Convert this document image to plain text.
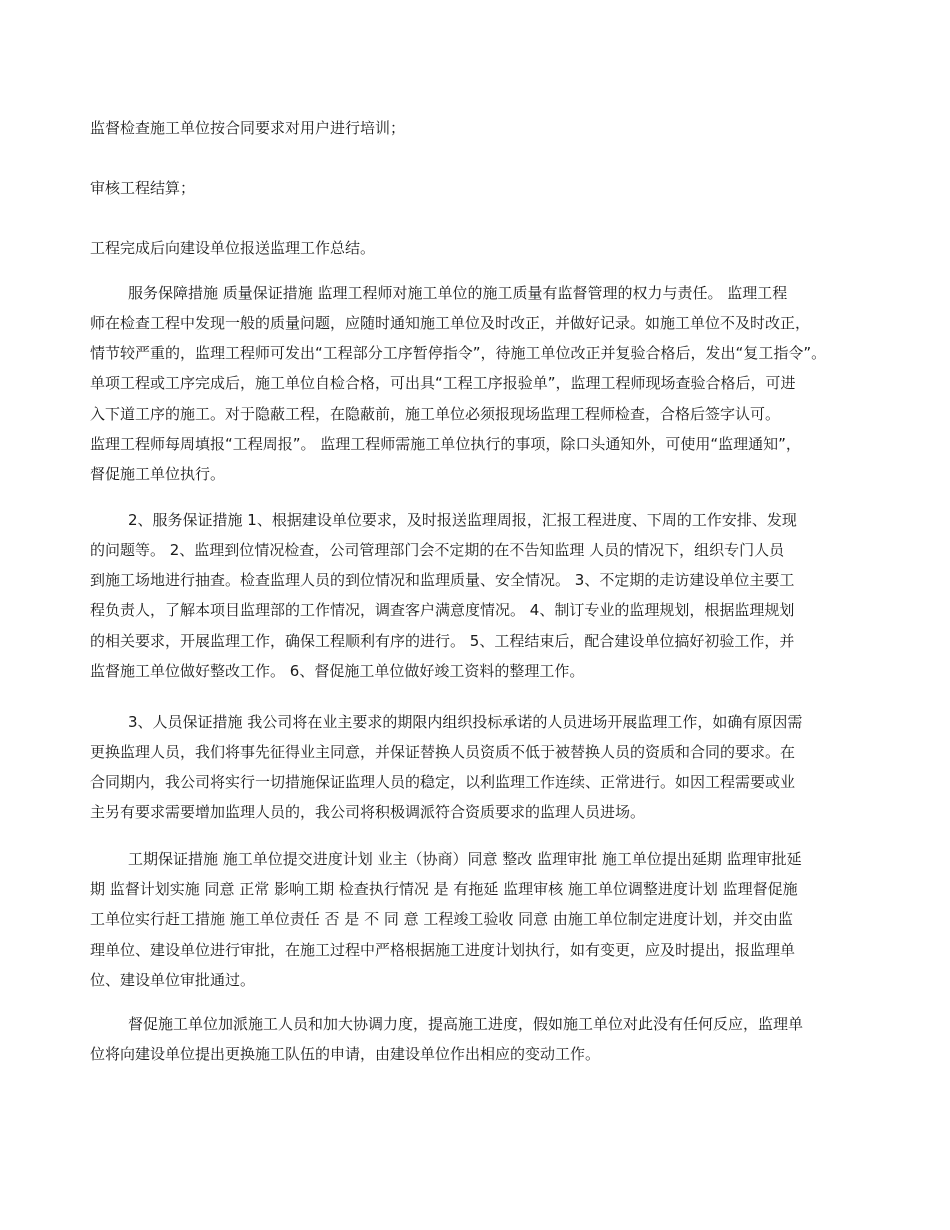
监督检查施工单位按合同要求对用户进行培训；

审核工程结算；

工程完成后向建设单位报送监理工作总结。

服务保障措施 质量保证措施 监理工程师对施工单位的施工质量有监督管理的权力与责任。 监理工程

师在检查工程中发现一般的质量问题，应随时通知施工单位及时改正，并做好记录。如施工单位不及时改正，

情节较严重的，监理工程师可发出“工程部分工序暂停指令”，待施工单位改正并复验合格后，发出“复工指令”。

单项工程或工序完成后，施工单位自检合格，可出具“工程工序报验单”，监理工程师现场查验合格后，可进

入下道工序的施工。对于隐蔽工程，在隐蔽前，施工单位必须报现场监理工程师检查，合格后签字认可。

监理工程师每周填报“工程周报”。 监理工程师需施工单位执行的事项，除口头通知外，可使用“监理通知”，

督促施工单位执行。

2、服务保证措施 1、根据建设单位要求，及时报送监理周报，汇报工程进度、下周的工作安排、发现

的问题等。 2、监理到位情况检查，公司管理部门会不定期的在不告知监理 人员的情况下，组织专门人员

到施工场地进行抽查。检查监理人员的到位情况和监理质量、安全情况。 3、不定期的走访建设单位主要工

程负责人，了解本项目监理部的工作情况，调查客户满意度情况。 4、制订专业的监理规划，根据监理规划

的相关要求，开展监理工作，确保工程顺利有序的进行。 5、工程结束后，配合建设单位搞好初验工作，并

监督施工单位做好整改工作。 6、督促施工单位做好竣工资料的整理工作。

3、人员保证措施 我公司将在业主要求的期限内组织投标承诺的人员进场开展监理工作，如确有原因需

更换监理人员，我们将事先征得业主同意，并保证替换人员资质不低于被替换人员的资质和合同的要求。在

合同期内，我公司将实行一切措施保证监理人员的稳定，以利监理工作连续、正常进行。如因工程需要或业

主另有要求需要增加监理人员的，我公司将积极调派符合资质要求的监理人员进场。

工期保证措施 施工单位提交进度计划 业主（协商）同意 整改 监理审批 施工单位提出延期 监理审批延

期 监督计划实施 同意 正常 影响工期 检查执行情况 是 有拖延 监理审核 施工单位调整进度计划 监理督促施

工单位实行赶工措施 施工单位责任 否 是 不 同 意 工程竣工验收 同意 由施工单位制定进度计划，并交由监

理单位、建设单位进行审批，在施工过程中严格根据施工进度计划执行，如有变更，应及时提出，报监理单

位、建设单位审批通过。

督促施工单位加派施工人员和加大协调力度，提高施工进度，假如施工单位对此没有任何反应，监理单

位将向建设单位提出更换施工队伍的申请，由建设单位作出相应的变动工作。
